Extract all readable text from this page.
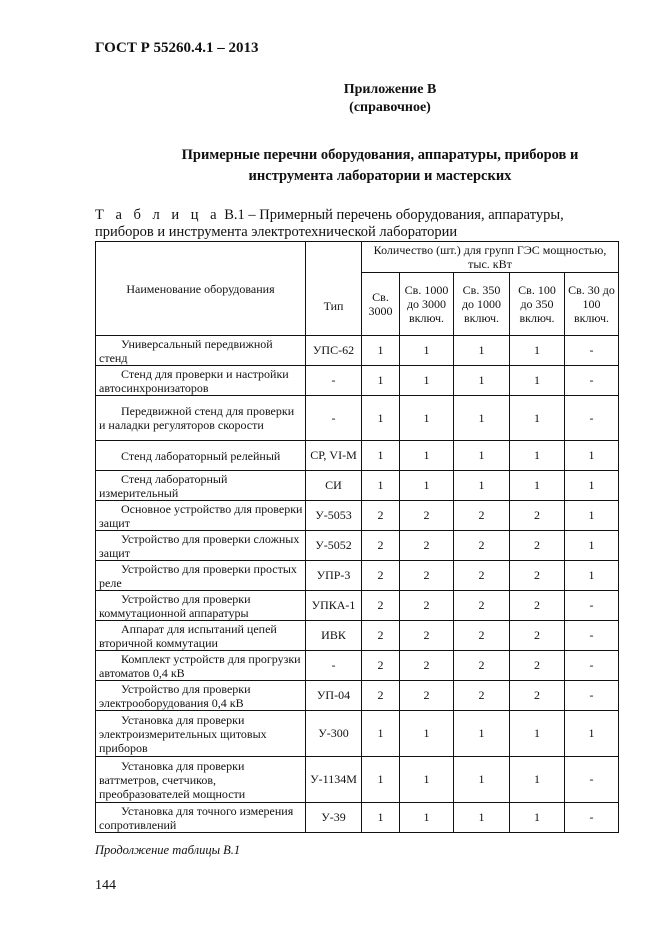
ГОСТ Р 55260.4.1 – 2013
Приложение В
(справочное)
Примерные перечни оборудования, аппаратуры, приборов и
инструмента лаборатории и мастерских
Т а б л и ц а В.1 – Примерный перечень оборудования, аппаратуры,
приборов и инструмента электротехнической лаборатории
Наименование оборудования	Тип	Количество (шт.) для групп ГЭС мощностью, тыс. кВт				
		Св. 3000	Св. 1000 до 3000 включ.	Св. 350 до 1000 включ.	Св. 100 до 350 включ.	Св. 30 до 100 включ.
Универсальный передвижной стенд	УПС-62	1	1	1	1	-
Стенд для проверки и настройки автосинхронизаторов	-	1	1	1	1	-
Передвижной стенд для проверки и наладки регуляторов скорости	-	1	1	1	1	-
Стенд лабораторный релейный	СР, VI-М	1	1	1	1	1
Стенд лабораторный измерительный	СИ	1	1	1	1	1
Основное устройство для проверки защит	У-5053	2	2	2	2	1
Устройство для проверки сложных защит	У-5052	2	2	2	2	1
Устройство для проверки простых реле	УПР-3	2	2	2	2	1
Устройство для проверки коммутационной аппаратуры	УПКА-1	2	2	2	2	-
Аппарат для испытаний цепей вторичной коммутации	ИВК	2	2	2	2	-
Комплект устройств для прогрузки автоматов 0,4 кВ	-	2	2	2	2	-
Устройство для проверки электрооборудования 0,4 кВ	УП-04	2	2	2	2	-
Установка для проверки электроизмерительных щитовых приборов	У-300	1	1	1	1	1
Установка для проверки ваттметров, счетчиков, преобразователей мощности	У-1134М	1	1	1	1	-
Установка для точного измерения сопротивлений	У-39	1	1	1	1	-
Продолжение таблицы В.1
144
